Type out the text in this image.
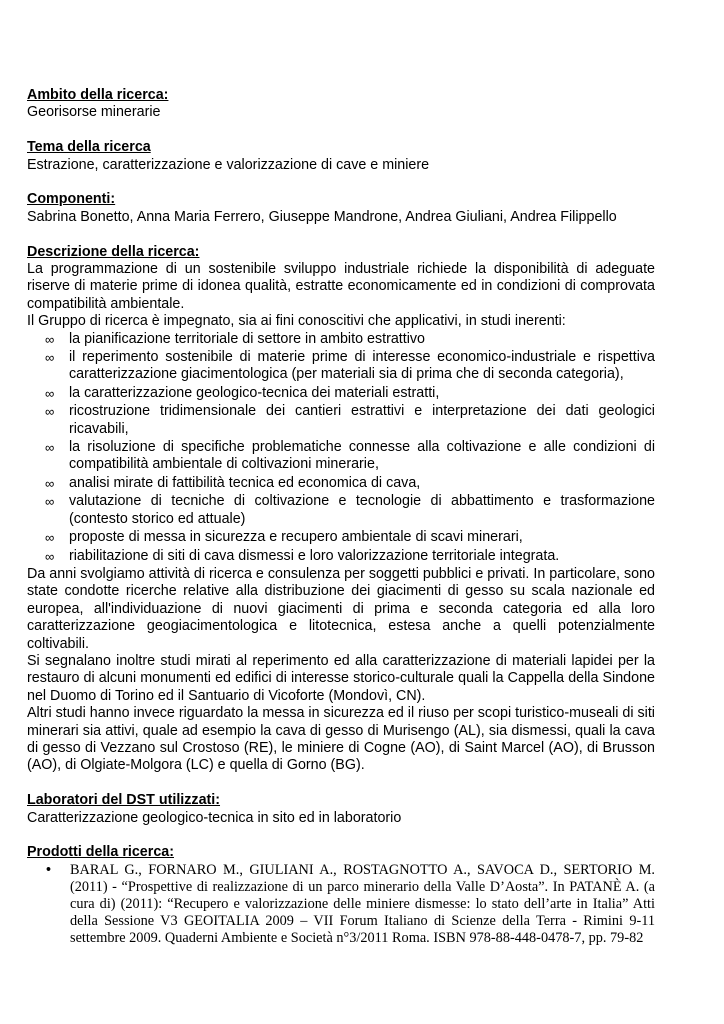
Ambito della ricerca:
Georisorse minerarie
Tema della ricerca
Estrazione, caratterizzazione e valorizzazione di cave e miniere
Componenti:
Sabrina Bonetto, Anna Maria Ferrero, Giuseppe Mandrone, Andrea Giuliani, Andrea Filippello
Descrizione della ricerca:
La programmazione di un sostenibile sviluppo industriale richiede la disponibilità di adeguate riserve di materie prime di idonea qualità, estratte economicamente ed in condizioni di comprovata compatibilità ambientale.
Il Gruppo di ricerca è impegnato, sia ai fini conoscitivi che applicativi, in studi inerenti:
∞ la pianificazione territoriale di settore in ambito estrattivo
∞ il reperimento sostenibile di materie prime di interesse economico-industriale e rispettiva caratterizzazione giacimentologica (per materiali sia di prima che di seconda categoria),
∞ la caratterizzazione geologico-tecnica dei materiali estratti,
∞ ricostruzione tridimensionale dei cantieri estrattivi e interpretazione dei dati geologici ricavabili,
∞ la risoluzione di specifiche problematiche connesse alla coltivazione e alle condizioni di compatibilità ambientale di coltivazioni minerarie,
∞ analisi mirate di fattibilità tecnica ed economica di cava,
∞ valutazione di tecniche di coltivazione e tecnologie di abbattimento e trasformazione (contesto storico ed attuale)
∞ proposte di messa in sicurezza e recupero ambientale di scavi minerari,
∞ riabilitazione di siti di cava dismessi e loro valorizzazione territoriale integrata.
Da anni svolgiamo attività di ricerca e consulenza per soggetti pubblici e privati. In particolare, sono state condotte ricerche relative alla distribuzione dei giacimenti di gesso su scala nazionale ed europea, all'individuazione di nuovi giacimenti di prima e seconda categoria ed alla loro caratterizzazione geogiacimentologica e litotecnica, estesa anche a quelli potenzialmente coltivabili.
Si segnalano inoltre studi mirati al reperimento ed alla caratterizzazione di materiali lapidei per la restauro di alcuni monumenti ed edifici di interesse storico-culturale quali la Cappella della Sindone nel Duomo di Torino ed il Santuario di Vicoforte (Mondovì, CN).
Altri studi hanno invece riguardato la messa in sicurezza ed il riuso per scopi turistico-museali di siti minerari sia attivi, quale ad esempio la cava di gesso di Murisengo (AL), sia dismessi, quali la cava di gesso di Vezzano sul Crostoso (RE), le miniere di Cogne (AO), di Saint Marcel (AO), di Brusson (AO), di Olgiate-Molgora (LC) e quella di Gorno (BG).
Laboratori del DST utilizzati:
Caratterizzazione geologico-tecnica in sito ed in laboratorio
Prodotti della ricerca:
• BARAL G., FORNARO M., GIULIANI A., ROSTAGNOTTO A., SAVOCA D., SERTORIO M. (2011) - “Prospettive di realizzazione di un parco minerario della Valle D’Aosta”. In PATANÈ A. (a cura di) (2011): “Recupero e valorizzazione delle miniere dismesse: lo stato dell’arte in Italia” Atti della Sessione V3 GEOITALIA 2009 – VII Forum Italiano di Scienze della Terra - Rimini 9-11 settembre 2009. Quaderni Ambiente e Società n°3/2011 Roma. ISBN 978-88-448-0478-7, pp. 79-82
